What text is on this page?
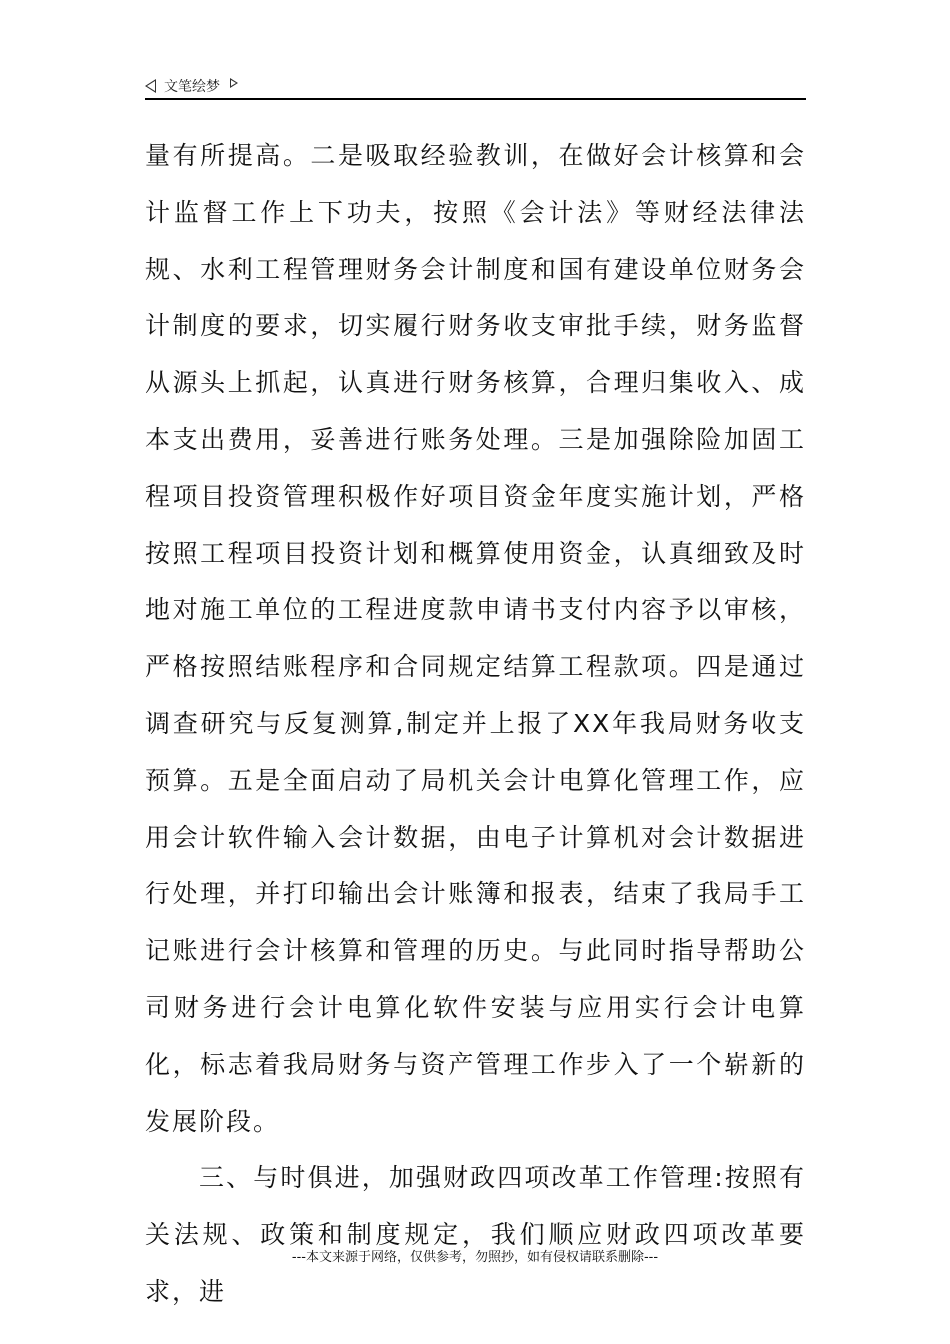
文笔绘梦

量有所提高。二是吸取经验教训，在做好会计核算和会计监督工作上下功夫，按照《会计法》等财经法律法规、水利工程管理财务会计制度和国有建设单位财务会计制度的要求，切实履行财务收支审批手续，财务监督从源头上抓起，认真进行财务核算，合理归集收入、成本支出费用，妥善进行账务处理。三是加强除险加固工程项目投资管理积极作好项目资金年度实施计划，严格按照工程项目投资计划和概算使用资金，认真细致及时地对施工单位的工程进度款申请书支付内容予以审核，严格按照结账程序和合同规定结算工程款项。四是通过调查研究与反复测算,制定并上报了XX年我局财务收支预算。五是全面启动了局机关会计电算化管理工作，应用会计软件输入会计数据，由电子计算机对会计数据进行处理，并打印输出会计账簿和报表，结束了我局手工记账进行会计核算和管理的历史。与此同时指导帮助公司财务进行会计电算化软件安装与应用实行会计电算化，标志着我局财务与资产管理工作步入了一个崭新的发展阶段。

三、与时俱进，加强财政四项改革工作管理:按照有关法规、政策和制度规定，我们顺应财政四项改革要求，进

---本文来源于网络，仅供参考，勿照抄，如有侵权请联系删除---
